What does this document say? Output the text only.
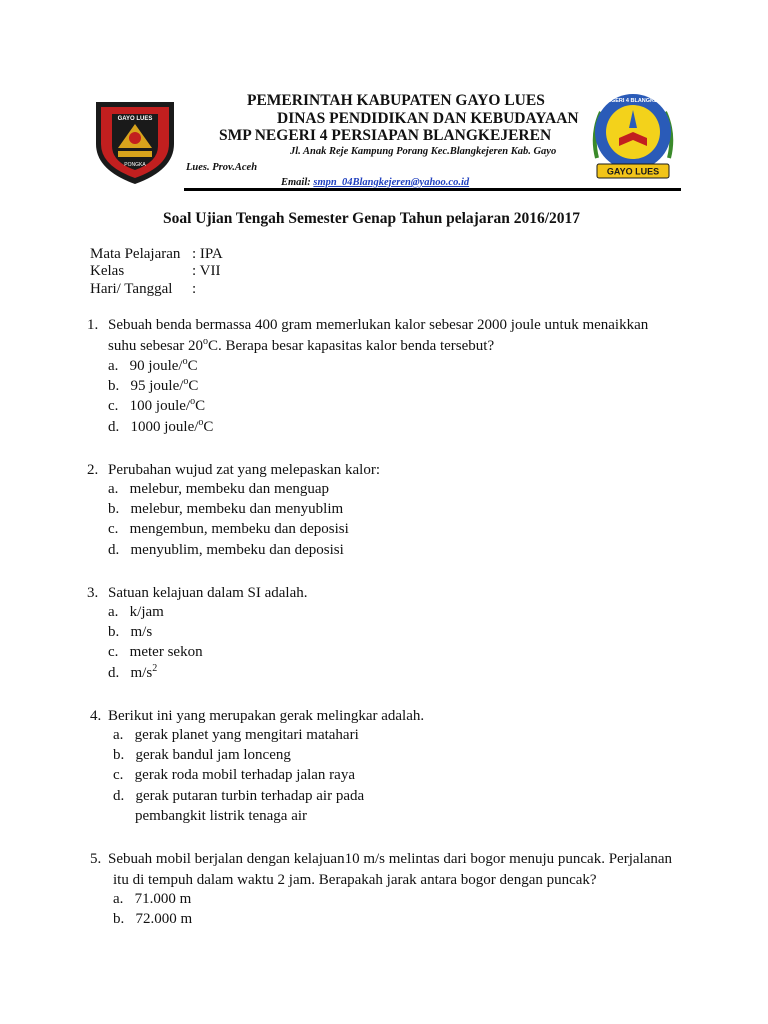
GAYO LUES
PONGKA
SMP NEGERI 4 BLANGKEJEREN
GAYO LUES
PEMERINTAH KABUPATEN GAYO LUES
DINAS PENDIDIKAN DAN KEBUDAYAAN
SMP NEGERI 4 PERSIAPAN BLANGKEJEREN
Jl. Anak Reje Kampung Porang Kec.Blangkejeren Kab. Gayo
Lues. Prov.Aceh
Email: smpn_04Blangkejeren@yahoo.co.id
Soal Ujian Tengah Semester Genap Tahun pelajaran 2016/2017
Mata Pelajaran : IPA
Kelas	: VII
Hari/ Tanggal :
1. Sebuah benda bermassa 400 gram memerlukan kalor sebesar 2000 joule untuk menaikkan
suhu sebesar 20$^o$C. Berapa besar kapasitas kalor benda tersebut?
a. 90 joule/$^o$C
b. 95 joule/$^o$C
c. 100 joule/$^o$C
d. 1000 joule/$^o$C
2. Perubahan wujud zat yang melepaskan kalor:
a. melebur, membeku dan menguap
b. melebur, membeku dan menyublim
c. mengembun, membeku dan deposisi
d. menyublim, membeku dan deposisi
3. Satuan kelajuan dalam SI adalah.
a. k/jam
b. m/s
c. meter sekon
d. $m/s^2$
4. Berikut ini yang merupakan gerak melingkar adalah.
a. gerak planet yang mengitari matahari
b. gerak bandul jam lonceng
c. gerak roda mobil terhadap jalan raya
d. gerak putaran turbin terhadap air pada
pembangkit listrik tenaga air
5. Sebuah mobil berjalan dengan kelajuan10 m/s melintas dari bogor menuju puncak. Perjalanan
itu di tempuh dalam waktu 2 jam. Berapakah jarak antara bogor dengan puncak?
a. 71.000 m
b. 72.000 m
